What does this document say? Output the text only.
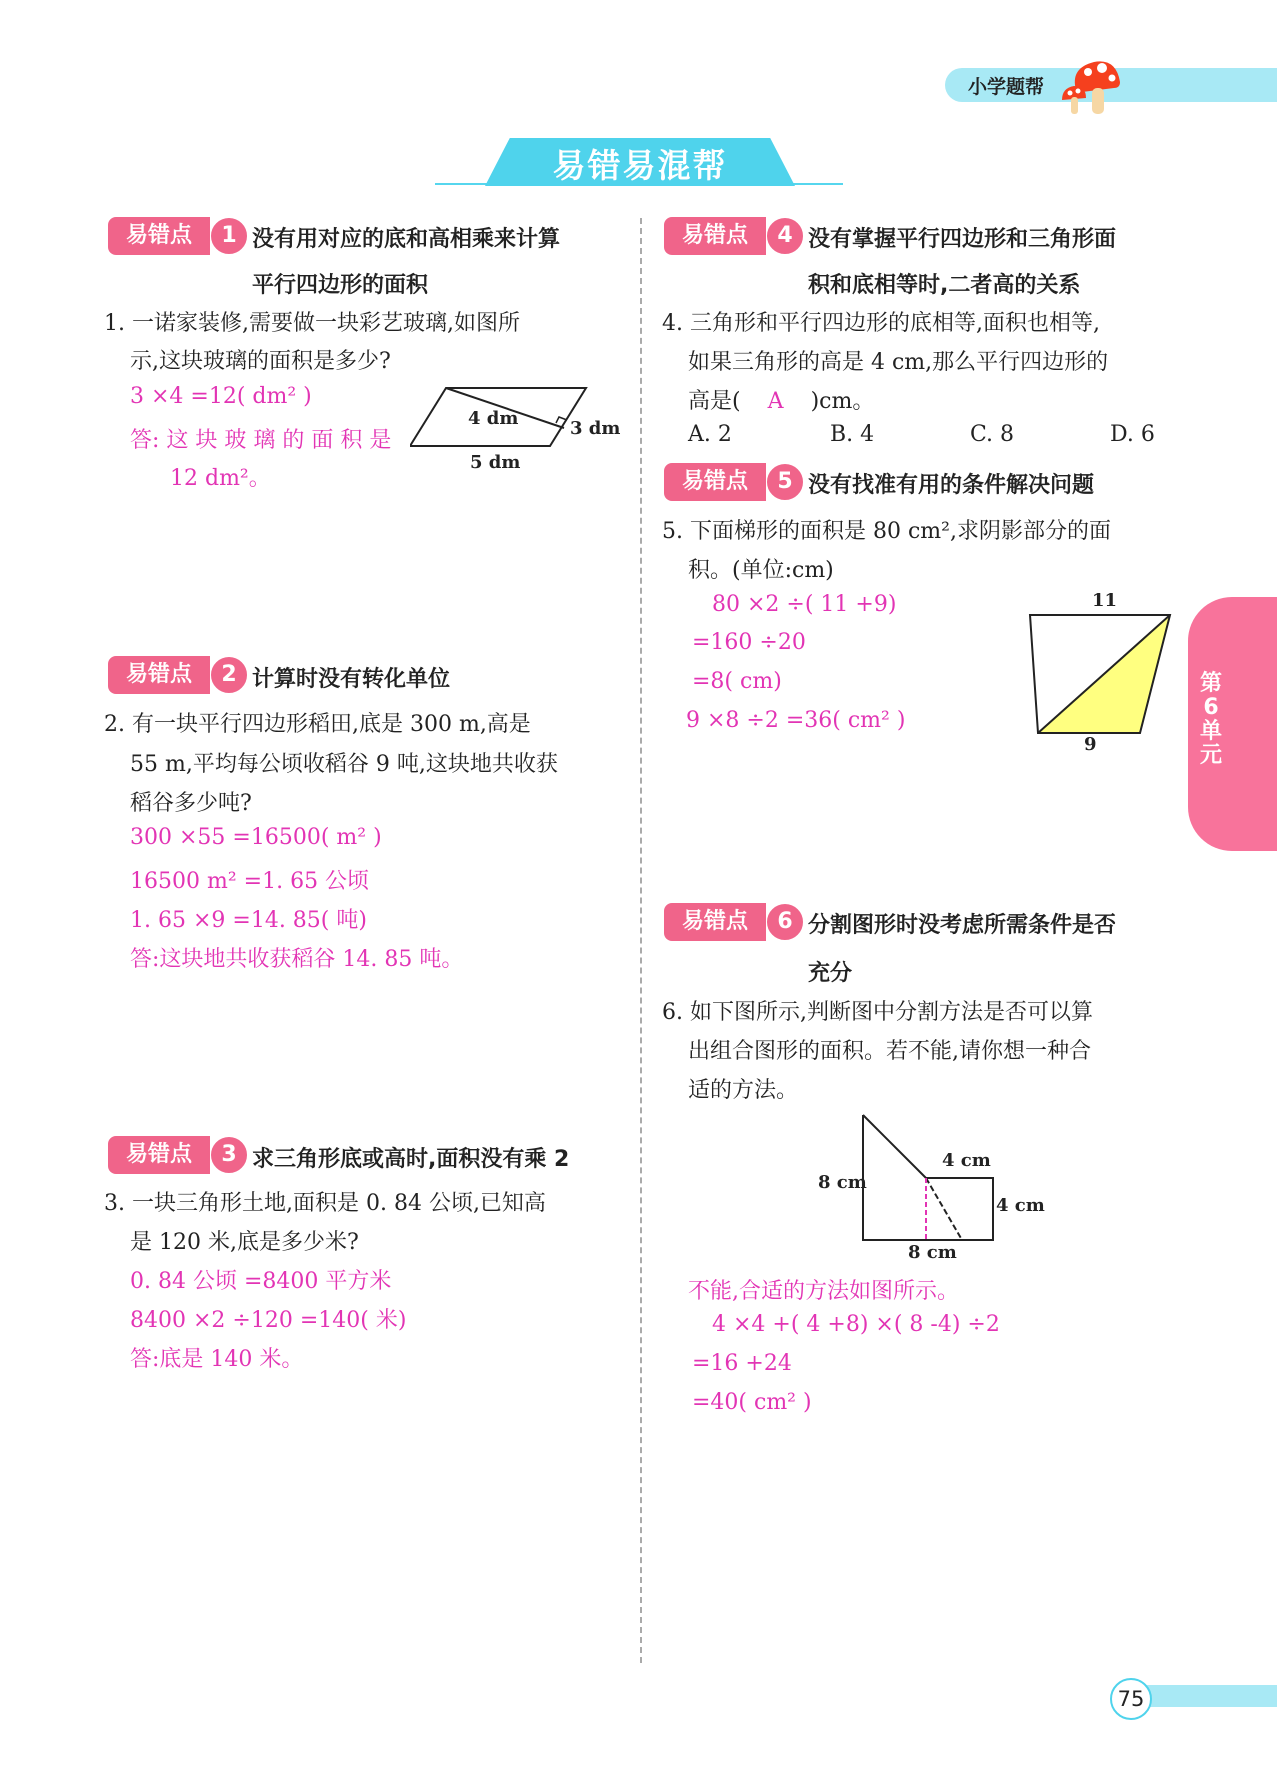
小学题帮
易错易混帮
易错点	1 没有用对应的底和高相乘来计算
平行四边形的面积
1. 一诺家装修,需要做一块彩艺玻璃,如图所
示,这块玻璃的面积是多少?
3 ×4 =12( dm² )
答: 这 块 玻 璃 的 面 积 是
12 dm²。
4 dm	3 dm
5 dm
易错点	2 计算时没有转化单位
2. 有一块平行四边形稻田,底是 300 m,高是
55 m,平均每公顷收稻谷 9 吨,这块地共收获
稻谷多少吨?
300 ×55 =16500( m² )
16500 m² =1. 65 公顷
1. 65 ×9 =14. 85( 吨)
答:这块地共收获稻谷 14. 85 吨。
易错点	3 求三角形底或高时,面积没有乘 2
3. 一块三角形土地,面积是 0. 84 公顷,已知高
是 120 米,底是多少米?
0. 84 公顷 =8400 平方米
8400 ×2 ÷120 =140( 米)
答:底是 140 米。
易错点	4 没有掌握平行四边形和三角形面
积和底相等时,二者高的关系
4. 三角形和平行四边形的底相等,面积也相等,
如果三角形的高是 4 cm,那么平行四边形的
高是( A )cm。
A. 2	B. 4	C. 8	D. 6
易错点	5 没有找准有用的条件解决问题
5. 下面梯形的面积是 80 cm²,求阴影部分的面
积。(单位:cm)
80 ×2 ÷( 11 +9)
=160 ÷20
=8( cm)
9 ×8 ÷2 =36( cm² )
11
9
第6单元
易错点	6 分割图形时没考虑所需条件是否
充分
6. 如下图所示,判断图中分割方法是否可以算
出组合图形的面积。若不能,请你想一种合
适的方法。
8 cm
4 cm
4 cm
8 cm
不能,合适的方法如图所示。
4 ×4 +( 4 +8) ×( 8 -4) ÷2
=16 +24
=40( cm² )
75
